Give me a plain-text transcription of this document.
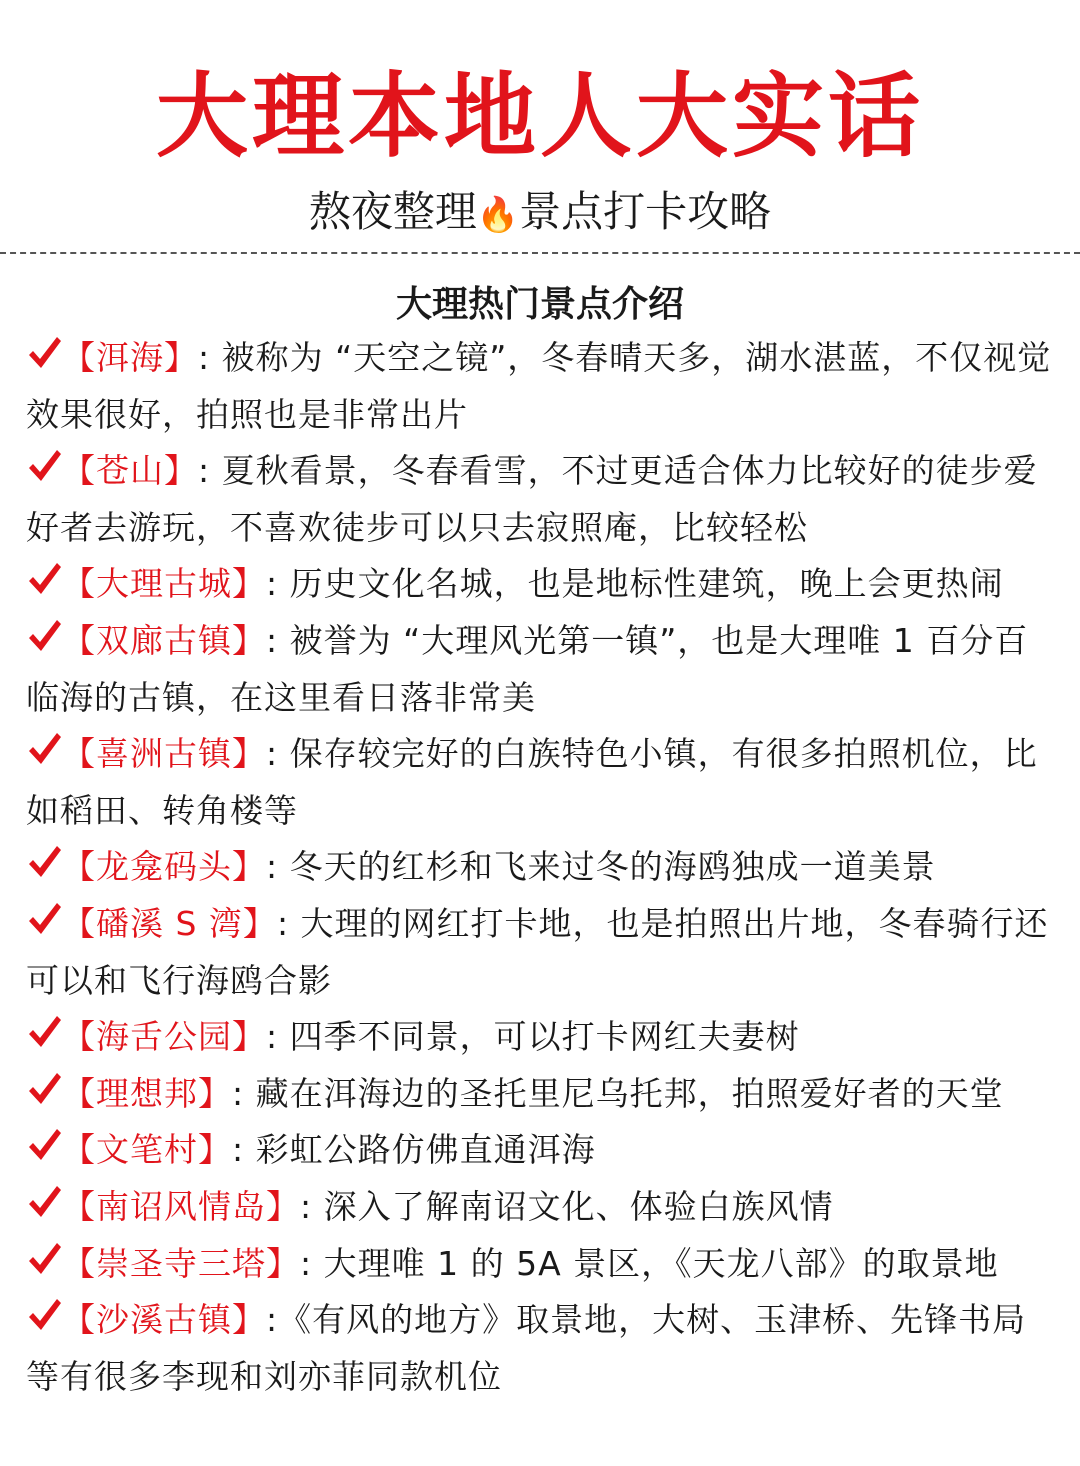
大理本地人大实话
熬夜整理🔥景点打卡攻略
大理热门景点介绍

【洱海】: 被称为 “天空之镜”，冬春晴天多，湖水湛蓝，不仅视觉效果很好，拍照也是非常出片

【苍山】: 夏秋看景，冬春看雪，不过更适合体力比较好的徒步爱好者去游玩，不喜欢徒步可以只去寂照庵，比较轻松

【大理古城】: 历史文化名城，也是地标性建筑，晚上会更热闹

【双廊古镇】: 被誉为 “大理风光第一镇”，也是大理唯 1 百分百临海的古镇，在这里看日落非常美

【喜洲古镇】: 保存较完好的白族特色小镇，有很多拍照机位，比如稻田、转角楼等

【龙龛码头】: 冬天的红杉和飞来过冬的海鸥独成一道美景

【磻溪 S 湾】: 大理的网红打卡地，也是拍照出片地，冬春骑行还可以和飞行海鸥合影

【海舌公园】: 四季不同景，可以打卡网红夫妻树

【理想邦】: 藏在洱海边的圣托里尼乌托邦，拍照爱好者的天堂

【文笔村】: 彩虹公路仿佛直通洱海

【南诏风情岛】: 深入了解南诏文化、体验白族风情

【崇圣寺三塔】: 大理唯 1 的 5A 景区，《天龙八部》的取景地

【沙溪古镇】:《有风的地方》取景地，大树、玉津桥、先锋书局等有很多李现和刘亦菲同款机位
